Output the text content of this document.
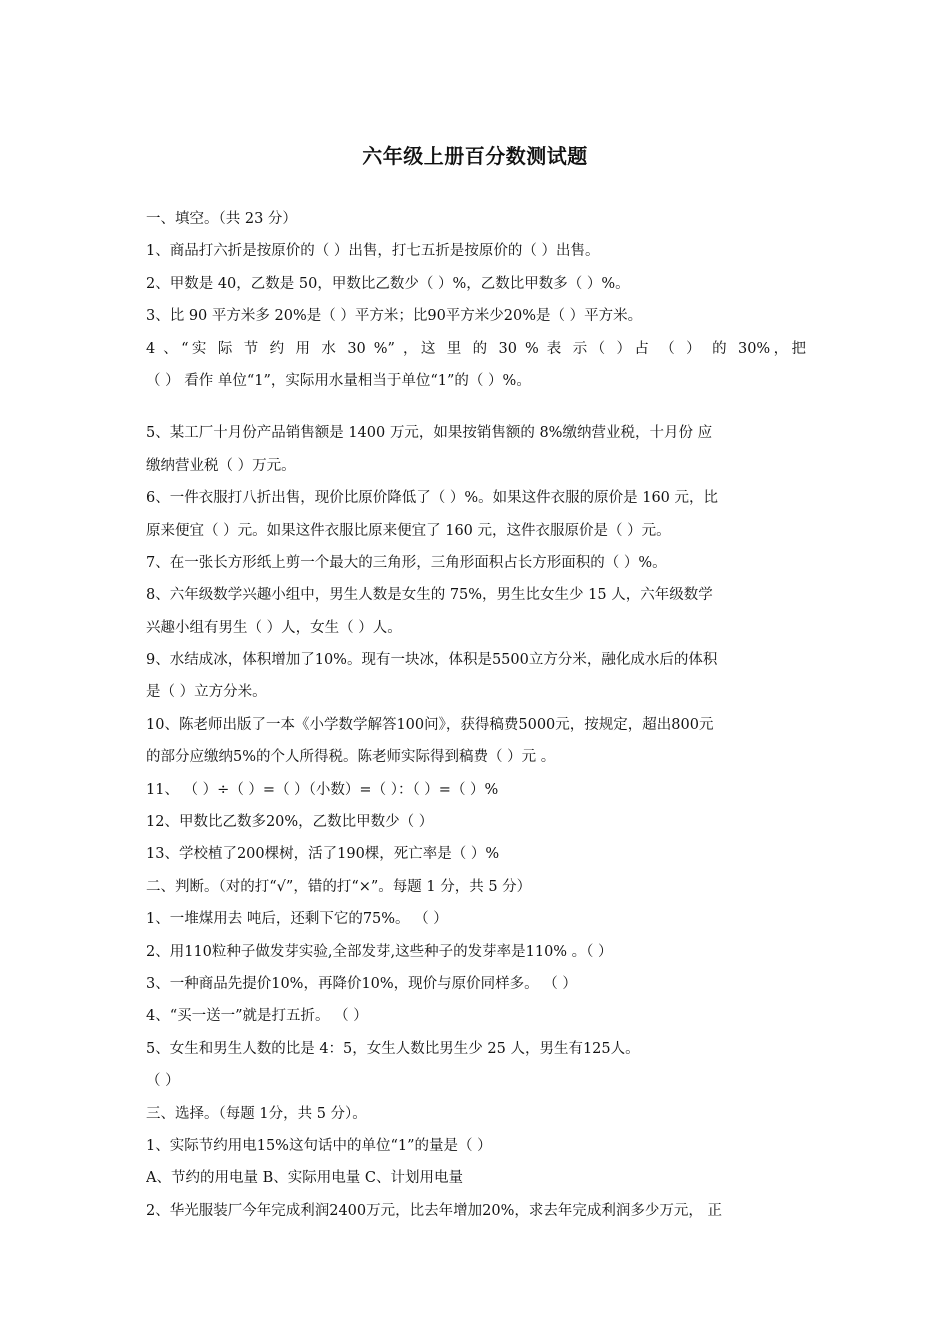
六年级上册百分数测试题
一、填空。（共 23 分）
1、商品打六折是按原价的（ ）出售，打七五折是按原价的（ ）出售。
2、甲数是 40，乙数是 50，甲数比乙数少（ ）%，乙数比甲数多（ ）%。
3、比 90 平方米多 20%是（ ）平方米；比90平方米少20%是（ ）平方米。
4 、“实 际 节 约 用 水 30 %” ，这 里 的 30 % 表 示（ ）占 （ ） 的 30%，把
（ ） 看作 单位“1”，实际用水量相当于单位“1”的（ ）%。
5、某工厂十月份产品销售额是 1400 万元，如果按销售额的 8%缴纳营业税，十月份 应
缴纳营业税（ ）万元。
6、一件衣服打八折出售，现价比原价降低了（ ）%。如果这件衣服的原价是 160 元，比
原来便宜（ ）元。如果这件衣服比原来便宜了 160 元，这件衣服原价是（ ）元。
7、在一张长方形纸上剪一个最大的三角形，三角形面积占长方形面积的（ ）%。
8、六年级数学兴趣小组中，男生人数是女生的 75%，男生比女生少 15 人，六年级数学
兴趣小组有男生（ ）人，女生（ ）人。
9、水结成冰，体积增加了10%。现有一块冰，体积是5500立方分米，融化成水后的体积
是（ ）立方分米。
10、陈老师出版了一本《小学数学解答100问》，获得稿费5000元，按规定，超出800元
的部分应缴纳5%的个人所得税。陈老师实际得到稿费（ ）元 。
11、 （ ）÷（ ）=（ ）（小数）=（ ）：（ ）=（ ）%
12、甲数比乙数多20%，乙数比甲数少（ ）
13、学校植了200棵树，活了190棵，死亡率是（ ）%
二、判断。（对的打“√”，错的打“×”。每题 1 分，共 5 分）
1、一堆煤用去 吨后，还剩下它的75%。 （ ）
2、用110粒种子做发芽实验,全部发芽,这些种子的发芽率是110% 。（ ）
3、一种商品先提价10%，再降价10%，现价与原价同样多。 （ ）
4、“买一送一”就是打五折。 （ ）
5、女生和男生人数的比是 4：5，女生人数比男生少 25 人，男生有125人。
（ ）
三、选择。（每题 1分，共 5 分）。
1、实际节约用电15%这句话中的单位“1”的量是（ ）
A、节约的用电量 B、实际用电量 C、计划用电量
2、华光服装厂今年完成利润2400万元，比去年增加20%，求去年完成利润多少万元， 正
